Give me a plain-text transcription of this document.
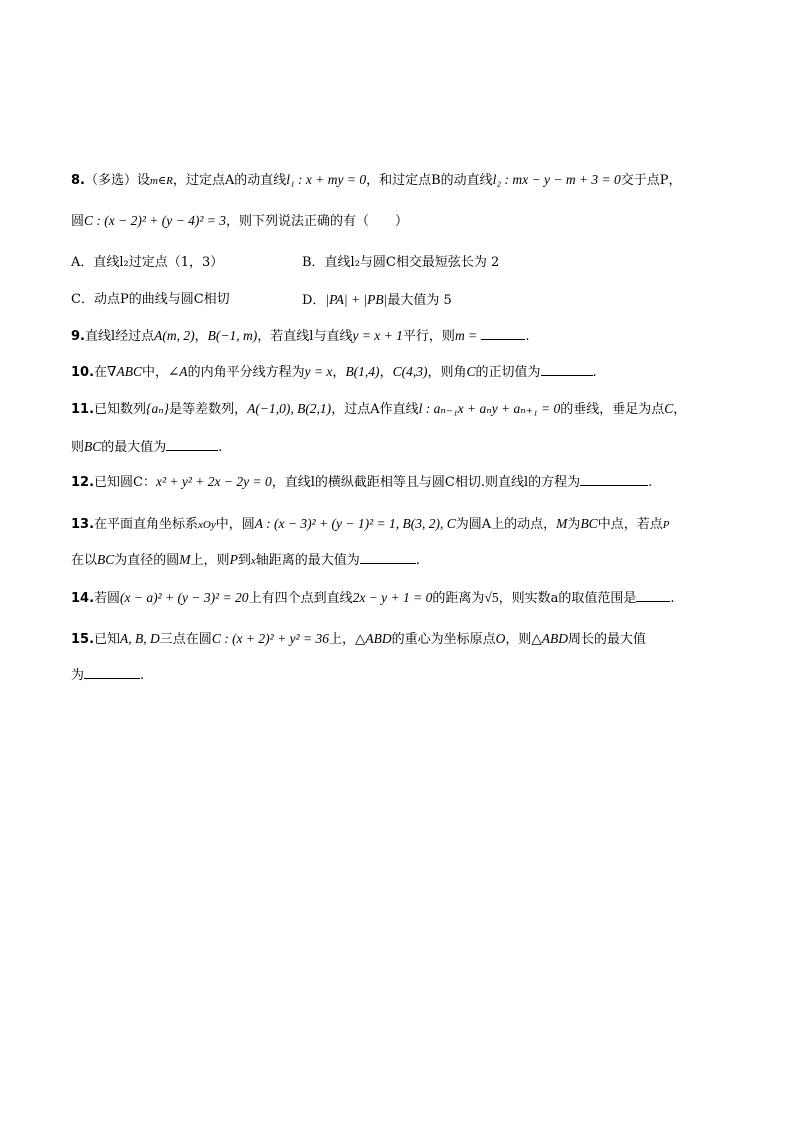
8.（多选）设m∈R，过定点A的动直线l₁ : x + my = 0，和过定点B的动直线l₂ : mx − y − m + 3 = 0交于点P，
圆C : (x − 2)² + (y − 4)² = 3，则下列说法正确的有（　　）
A．直线l₂过定点（1，3）	B．直线l₂与圆C相交最短弦长为 2
C．动点P的曲线与圆C相切	D．|PA| + |PB|最大值为 5
9.直线l经过点A(m, 2)，B(−1, m)，若直线l与直线y = x + 1平行，则m =	.
10.在∇ABC中，∠A的内角平分线方程为y = x，B(1,4)，C(4,3)，则角C的正切值为	.
11.已知数列{aₙ}是等差数列，A(−1,0), B(2,1)，过点A作直线l : aₙ₋₁x + aₙy + aₙ₊₁ = 0的垂线，垂足为点C，
则BC的最大值为	.
12.已知圆C：x² + y² + 2x − 2y = 0，直线l的横纵截距相等且与圆C相切.则直线l的方程为	.
13.在平面直角坐标系xOy中，圆A : (x − 3)² + (y − 1)² = 1, B(3, 2), C为圆A上的动点，M为BC中点，若点P
在以BC为直径的圆M上，则P到x轴距离的最大值为	.
14.若圆(x − a)² + (y − 3)² = 20上有四个点到直线2x − y + 1 = 0的距离为√5，则实数a的取值范围是	.
15.已知A, B, D三点在圆C : (x + 2)² + y² = 36上，△ABD的重心为坐标原点O，则△ABD周长的最大值
为	.
